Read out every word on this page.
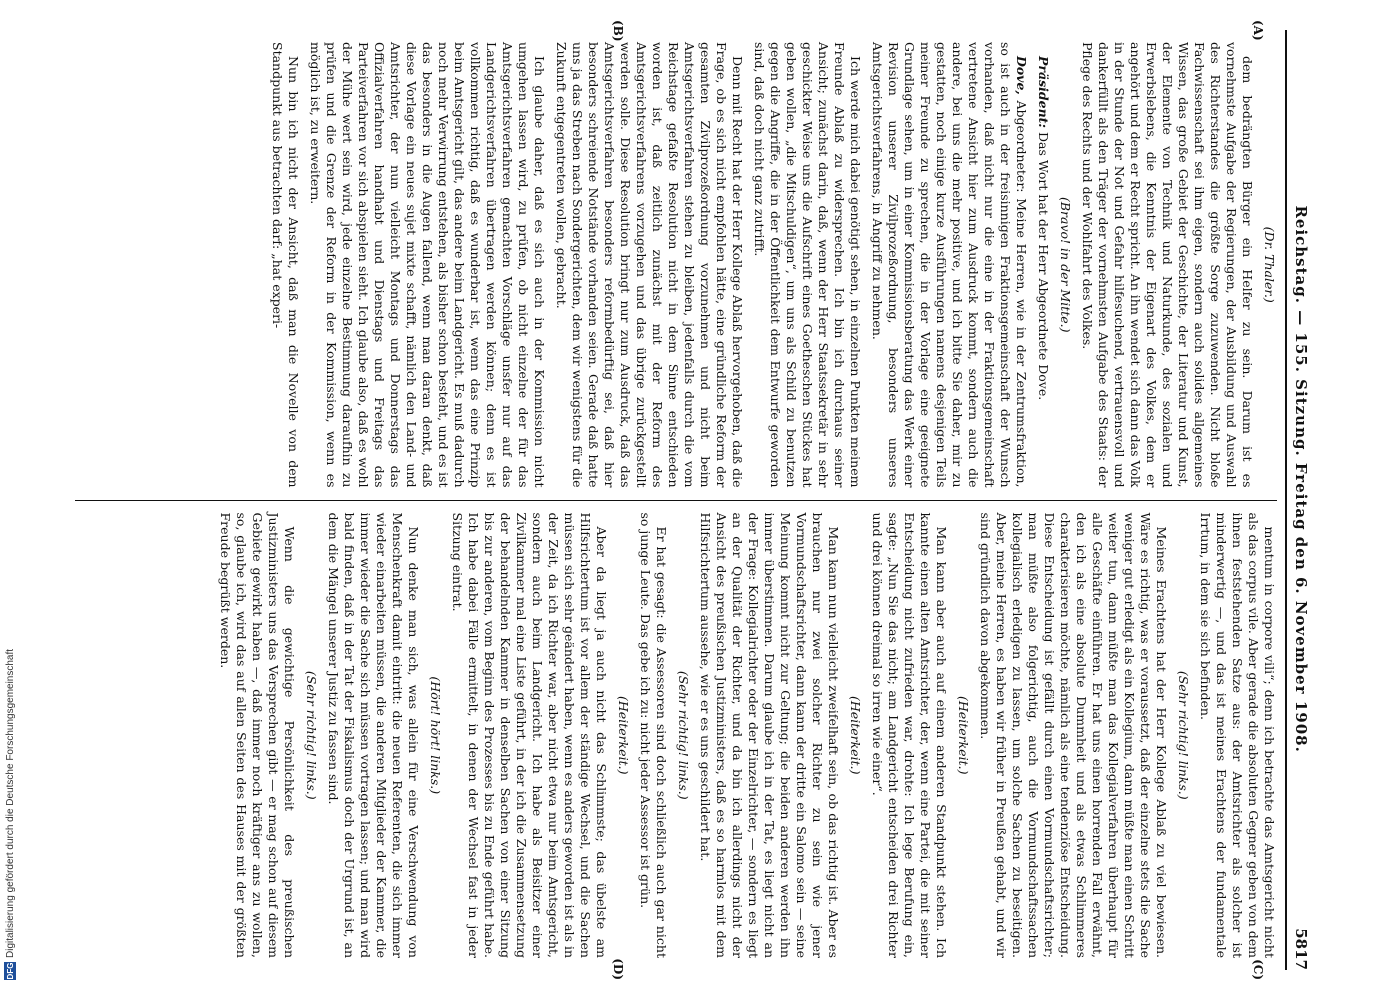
Reichstag. — 155. Sitzung. Freitag den 6. November 1908.
5817
(A)
(B)
(C)
(D)

(Dr. Thaler.)

dem bedrängten Bürger ein Helfer zu sein. Darum ist es vornehmste Aufgabe der Regierungen, der Ausbildung und Auswahl des Richterstandes die größte Sorge zuzuwenden. Nicht bloße Fachwissenschaft sei ihm eigen, sondern auch solides allgemeines Wissen, das große Gebiet der Geschichte, der Literatur und Kunst, der Elemente von Technik und Naturkunde, des sozialen und Erwerbslebens, die Kenntnis der Eigenart des Volkes, dem er angehört und dem er Recht spricht. An ihn wendet sich dann das Volk in der Stunde der Not und Gefahr hilfesuchend, vertrauensvoll und dankerfüllt als den Träger der vornehmsten Aufgabe des Staats: der Pflege des Rechts und der Wohlfahrt des Volkes.

(Bravo! in der Mitte.)

Präsident: Das Wort hat der Herr Abgeordnete Dove.

Dove, Abgeordneter: Meine Herren, wie in der Zentrumsfraktion, so ist auch in der freisinnigen Fraktionsgemeinschaft der Wunsch vorhanden, daß nicht nur die eine in der Fraktionsgemeinschaft vertretene Ansicht hier zum Ausdruck kommt, sondern auch die andere, bei uns die mehr positive, und ich bitte Sie daher, mir zu gestatten, noch einige kurze Ausführungen namens desjenigen Teils meiner Freunde zu sprechen, die in der Vorlage eine geeignete Grundlage sehen, um in einer Kommissionsberatung das Werk einer Revision unserer Zivilprozeßordnung, besonders unseres Amtsgerichtsverfahrens, in Angriff zu nehmen.

Ich werde mich dabei genötigt sehen, in einzelnen Punkten meinem Freunde Ablaß zu widersprechen. Ich bin ich durchaus seiner Ansicht; zunächst darin, daß, wenn der Herr Staatssekretär in sehr geschickter Weise uns die Aufschrift eines Goetheschen Stückes hat geben wollen, „die Mitschuldigen“, um uns als Schild zu benutzen gegen die Angriffe, die in der Öffentlichkeit dem Entwurfe geworden sind, daß doch nicht ganz zutrifft.

Denn mit Recht hat der Herr Kollege Ablaß hervorgehoben, daß die Frage, ob es sich nicht empfohlen hätte, eine gründliche Reform der gesamten Zivilprozeßordnung vorzunehmen und nicht beim Amtsgerichtsverfahren stehen zu bleiben, jedenfalls durch die vom Reichstage gefaßte Resolution nicht in dem Sinne entschieden worden ist, daß zeitlich zunächst mit der Reform des Amtsgerichtsverfahrens vorzugehen und das übrige zurückgestellt werden solle. Diese Resolution bringt nur zum Ausdruck, daß das Amtsgerichtsverfahren besonders reformbedürftig sei, daß hier besonders schreiende Notstände vorhanden seien. Gerade daß hatte uns ja das Streben nach Sondergerichten, dem wir wenigstens für die Zukunft entgegentreten wollen, gebracht.

Ich glaube daher, daß es sich auch in der Kommission nicht umgehen lassen wird, zu prüfen, ob nicht einzelne der für das Amtsgerichtsverfahren gemachten Vorschläge unsfer nur auf das Landgerichtsverfahren übertragen werden können; denn es ist vollkommen richtig, daß es wunderbar ist, wenn das eine Prinzip beim Amtsgericht gilt, das andere beim Landgericht. Es muß dadurch noch mehr Verwirrung entstehen, als bisher schon besteht, und es ist das besonders in die Augen fallend, wenn man daran denkt, daß diese Vorlage ein neues sujet mixte schafft, nämlich den Land- und Amtsrichter, der nun vielleicht Montags und Donnerstags das Offizialverfahren handhabt und Dienstags und Freitags das Parteiverfahren vor sich abspielen sieht. Ich glaube also, daß es wohl der Mühe wert sein wird, jede einzelne Bestimmung daraufhin zu prüfen und die Grenze der Reform in der Kommission, wenn es möglich ist, zu erweitern.

Nun bin ich nicht der Ansicht, daß man die Novelle von dem Standpunkt aus betrachten darf: „hat experi-

mentum in corpore vili“; denn ich betrachte das Amtsgericht nicht als das corpus vile. Aber gerade die absoluten Gegner geben von dem ihnen feststehenden Satze aus: der Amtsrichter als solcher ist minderwertig —, und das ist meines Erachtens der fundamentale Irrtum, in dem sie sich befinden.

(Sehr richtig! links.)

Meines Erachtens hat der Herr Kollege Ablaß zu viel bewiesen. Wäre es richtig, was er voraussetzt, daß der einzelne stets die Sache weniger gut erledigt als ein Kollegium, dann müßte man einen Schritt weiter tun, dann müßte man das Kollegialverfahren überhaupt für alle Geschäfte einführen. Er hat uns einen horrenden Fall erwähnt, den ich als eine absolute Dummheit und als etwas Schlimmeres charakterisieren möchte, nämlich als eine tendenziöse Entscheidung. Diese Entscheidung ist gefällt durch einen Vormundschaftsrichter; man müßte also folgerichtig, auch die Vormundschaftssachen kollegialisch erledigen zu lassen, um solche Sachen zu beseitigen. Aber, meine Herren, es haben wir früher in Preußen gehabt, und wir sind gründlich davon abgekommen.

(Heiterkeit.)

Man kann aber auch auf einem anderen Standpunkt stehen. Ich kannte einen alten Amtsrichter, der, wenn eine Partei, die mit seiner Entscheidung nicht zufrieden war, drohte: Ich lege Berufung ein, sagte: „Nun Sie das nicht; am Landgericht entscheiden drei Richter und drei können dreimal so irren wie einer“.

(Heiterkeit.)

Man kann nun vielleicht zweifelhaft sein, ob das richtig ist. Aber es brauchen nur zwei solcher Richter zu sein wie jener Vormundschaftsrichter, dann kann der dritte ein Salomo sein — seine Meinung kommt nicht zur Geltung; die beiden anderen werden ihn immer überstimmen. Darum glaube ich in der Tat, es liegt nicht an der Frage: Kollegialrichter oder der Einzelrichter, — sondern es liegt an der Qualität der Richter, und da bin ich allerdings nicht der Ansicht des preußischen Justizministers, daß es so harmlos mit dem Hilfsrichtertum aussehe, wie er es uns geschildert hat.

(Sehr richtig! links.)

Er hat gesagt: die Assessoren sind doch schließlich auch gar nicht so junge Leute. Das gebe ich zu: nicht jeder Assessor ist grün.

(Heiterkeit.)

Aber da liegt ja auch nicht das Schlimmste; das übelste am Hilfsrichtertum ist vor allem der ständige Wechsel, und die Sachen müssen sich sehr geändert haben, wenn es anders geworden ist als in der Zeit, da ich Richter war, aber nicht etwa nur beim Amtsgericht, sondern auch beim Landgericht. Ich habe als Beisitzer einer Zivilkammer mal eine Liste geführt, in der ich die Zusammensetzung der behandelnden Kammer in denselben Sachen von einer Sitzung bis zur anderen, vom Beginn des Prozesses bis zu Ende geführt habe. Ich habe dabei Fälle ermittelt, in denen der Wechsel fast in jeder Sitzung eintrat.

(Hört! hört! links.)

Nun denke man sich, was allein für eine Verschwendung von Menschenkraft damit eintritt: die neuen Referenten, die sich immer wieder einarbeiten müssen, die anderen Mitglieder der Kammer, die immer wieder die Sache sich müssen vortragen lassen; und man wird bald finden, daß in der Tat der Fiskalismus doch der Urgrund ist, an dem die Mängel unserer Justiz zu fassen sind.

(Sehr richtig! links.)

Wenn die gewichtige Persönlichkeit des preußischen Justizministers uns das Versprechen gibt — er mag schon auf diesem Gebiete gewirkt haben —, daß immer noch kräftiger ans zu wollen, so, glaube ich, wird das auf allen Seiten des Hauses mit der größten Freude begrüßt werden.

DFG
Digitalisierung gefördert durch die Deutsche Forschungsgemeinschaft
